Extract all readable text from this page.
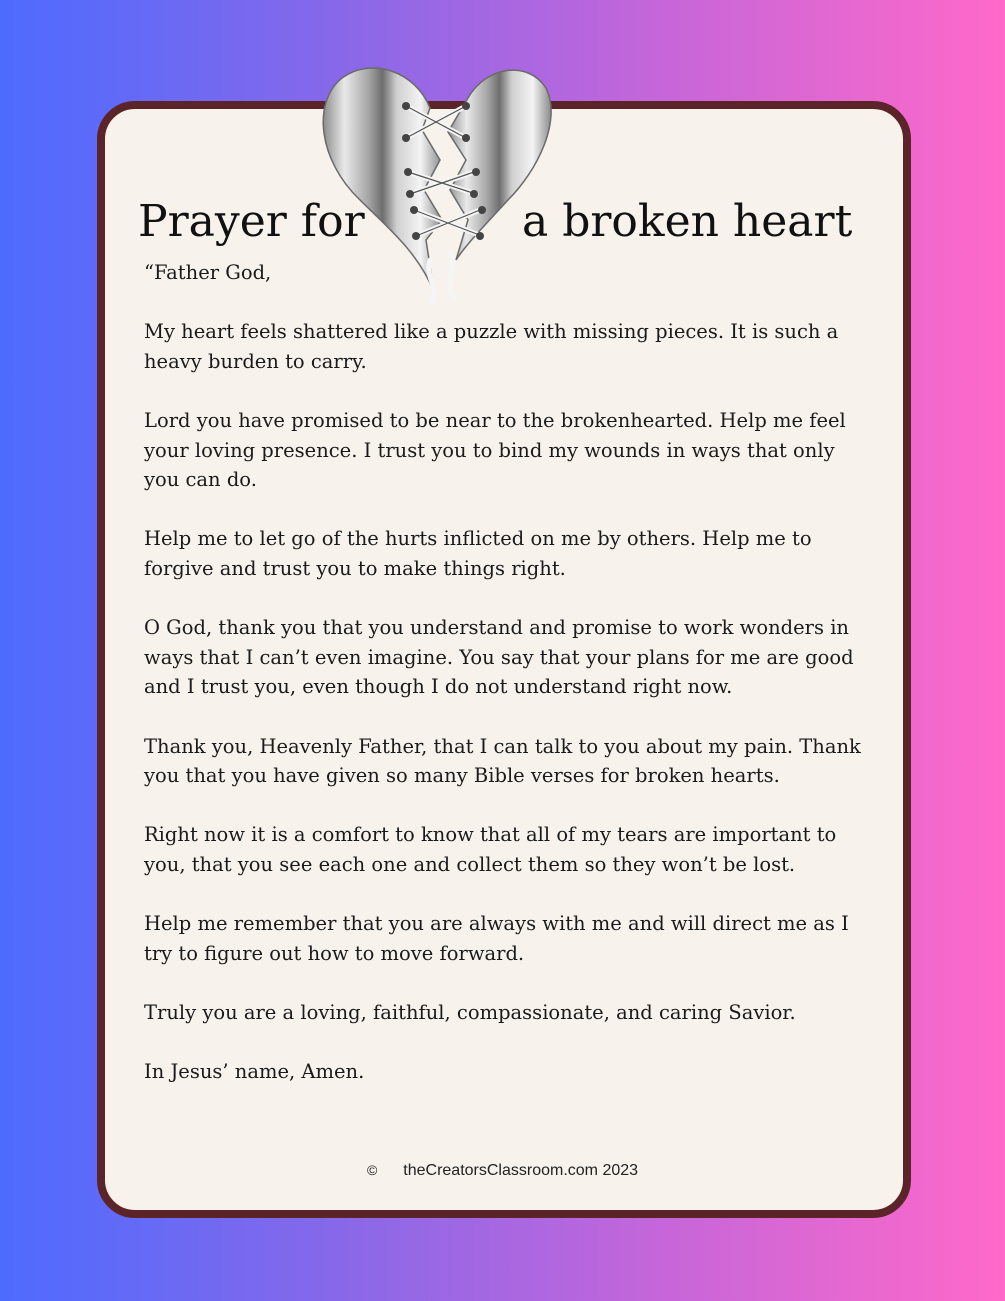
Prayer for	a broken heart

“Father God,

My heart feels shattered like a puzzle with missing pieces. It is such a heavy burden to carry.

Lord you have promised to be near to the brokenhearted. Help me feel your loving presence. I trust you to bind my wounds in ways that only you can do.

Help me to let go of the hurts inflicted on me by others. Help me to forgive and trust you to make things right.

O God, thank you that you understand and promise to work wonders in ways that I can’t even imagine. You say that your plans for me are good and I trust you, even though I do not understand right now.

Thank you, Heavenly Father, that I can talk to you about my pain. Thank you that you have given so many Bible verses for broken hearts.

Right now it is a comfort to know that all of my tears are important to you, that you see each one and collect them so they won’t be lost.

Help me remember that you are always with me and will direct me as I try to figure out how to move forward.

Truly you are a loving, faithful, compassionate, and caring Savior.

In Jesus’ name, Amen.

© theCreatorsClassroom.com 2023
